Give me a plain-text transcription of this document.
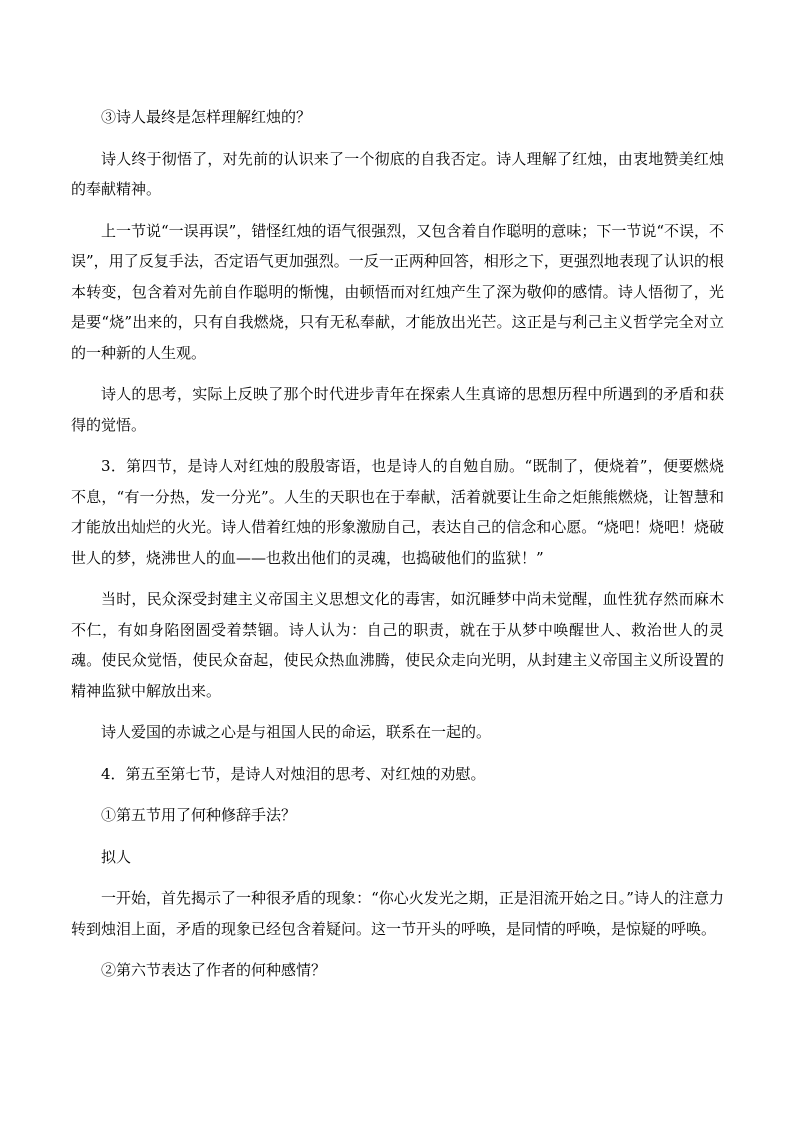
③诗人最终是怎样理解红烛的？

诗人终于彻悟了，对先前的认识来了一个彻底的自我否定。诗人理解了红烛，由衷地赞美红烛的奉献精神。

上一节说“一误再误”，错怪红烛的语气很强烈，又包含着自作聪明的意味；下一节说“不误，不误”，用了反复手法，否定语气更加强烈。一反一正两种回答，相形之下，更强烈地表现了认识的根本转变，包含着对先前自作聪明的惭愧，由顿悟而对红烛产生了深为敬仰的感情。诗人悟彻了，光是要“烧”出来的，只有自我燃烧，只有无私奉献，才能放出光芒。这正是与利己主义哲学完全对立的一种新的人生观。

诗人的思考，实际上反映了那个时代进步青年在探索人生真谛的思想历程中所遇到的矛盾和获得的觉悟。

3．第四节，是诗人对红烛的殷殷寄语，也是诗人的自勉自励。“既制了，便烧着”，便要燃烧不息，“有一分热，发一分光”。人生的天职也在于奉献，活着就要让生命之炬熊熊燃烧，让智慧和才能放出灿烂的火光。诗人借着红烛的形象激励自己，表达自己的信念和心愿。“烧吧！烧吧！烧破世人的梦，烧沸世人的血——也救出他们的灵魂，也捣破他们的监狱！”

当时，民众深受封建主义帝国主义思想文化的毒害，如沉睡梦中尚未觉醒，血性犹存然而麻木不仁，有如身陷囹圄受着禁锢。诗人认为：自己的职责，就在于从梦中唤醒世人、救治世人的灵魂。使民众觉悟，使民众奋起，使民众热血沸腾，使民众走向光明，从封建主义帝国主义所设置的精神监狱中解放出来。

诗人爱国的赤诚之心是与祖国人民的命运，联系在一起的。

4．第五至第七节，是诗人对烛泪的思考、对红烛的劝慰。

①第五节用了何种修辞手法？

拟人

一开始，首先揭示了一种很矛盾的现象：“你心火发光之期，正是泪流开始之日。”诗人的注意力转到烛泪上面，矛盾的现象已经包含着疑问。这一节开头的呼唤，是同情的呼唤，是惊疑的呼唤。

②第六节表达了作者的何种感情？
